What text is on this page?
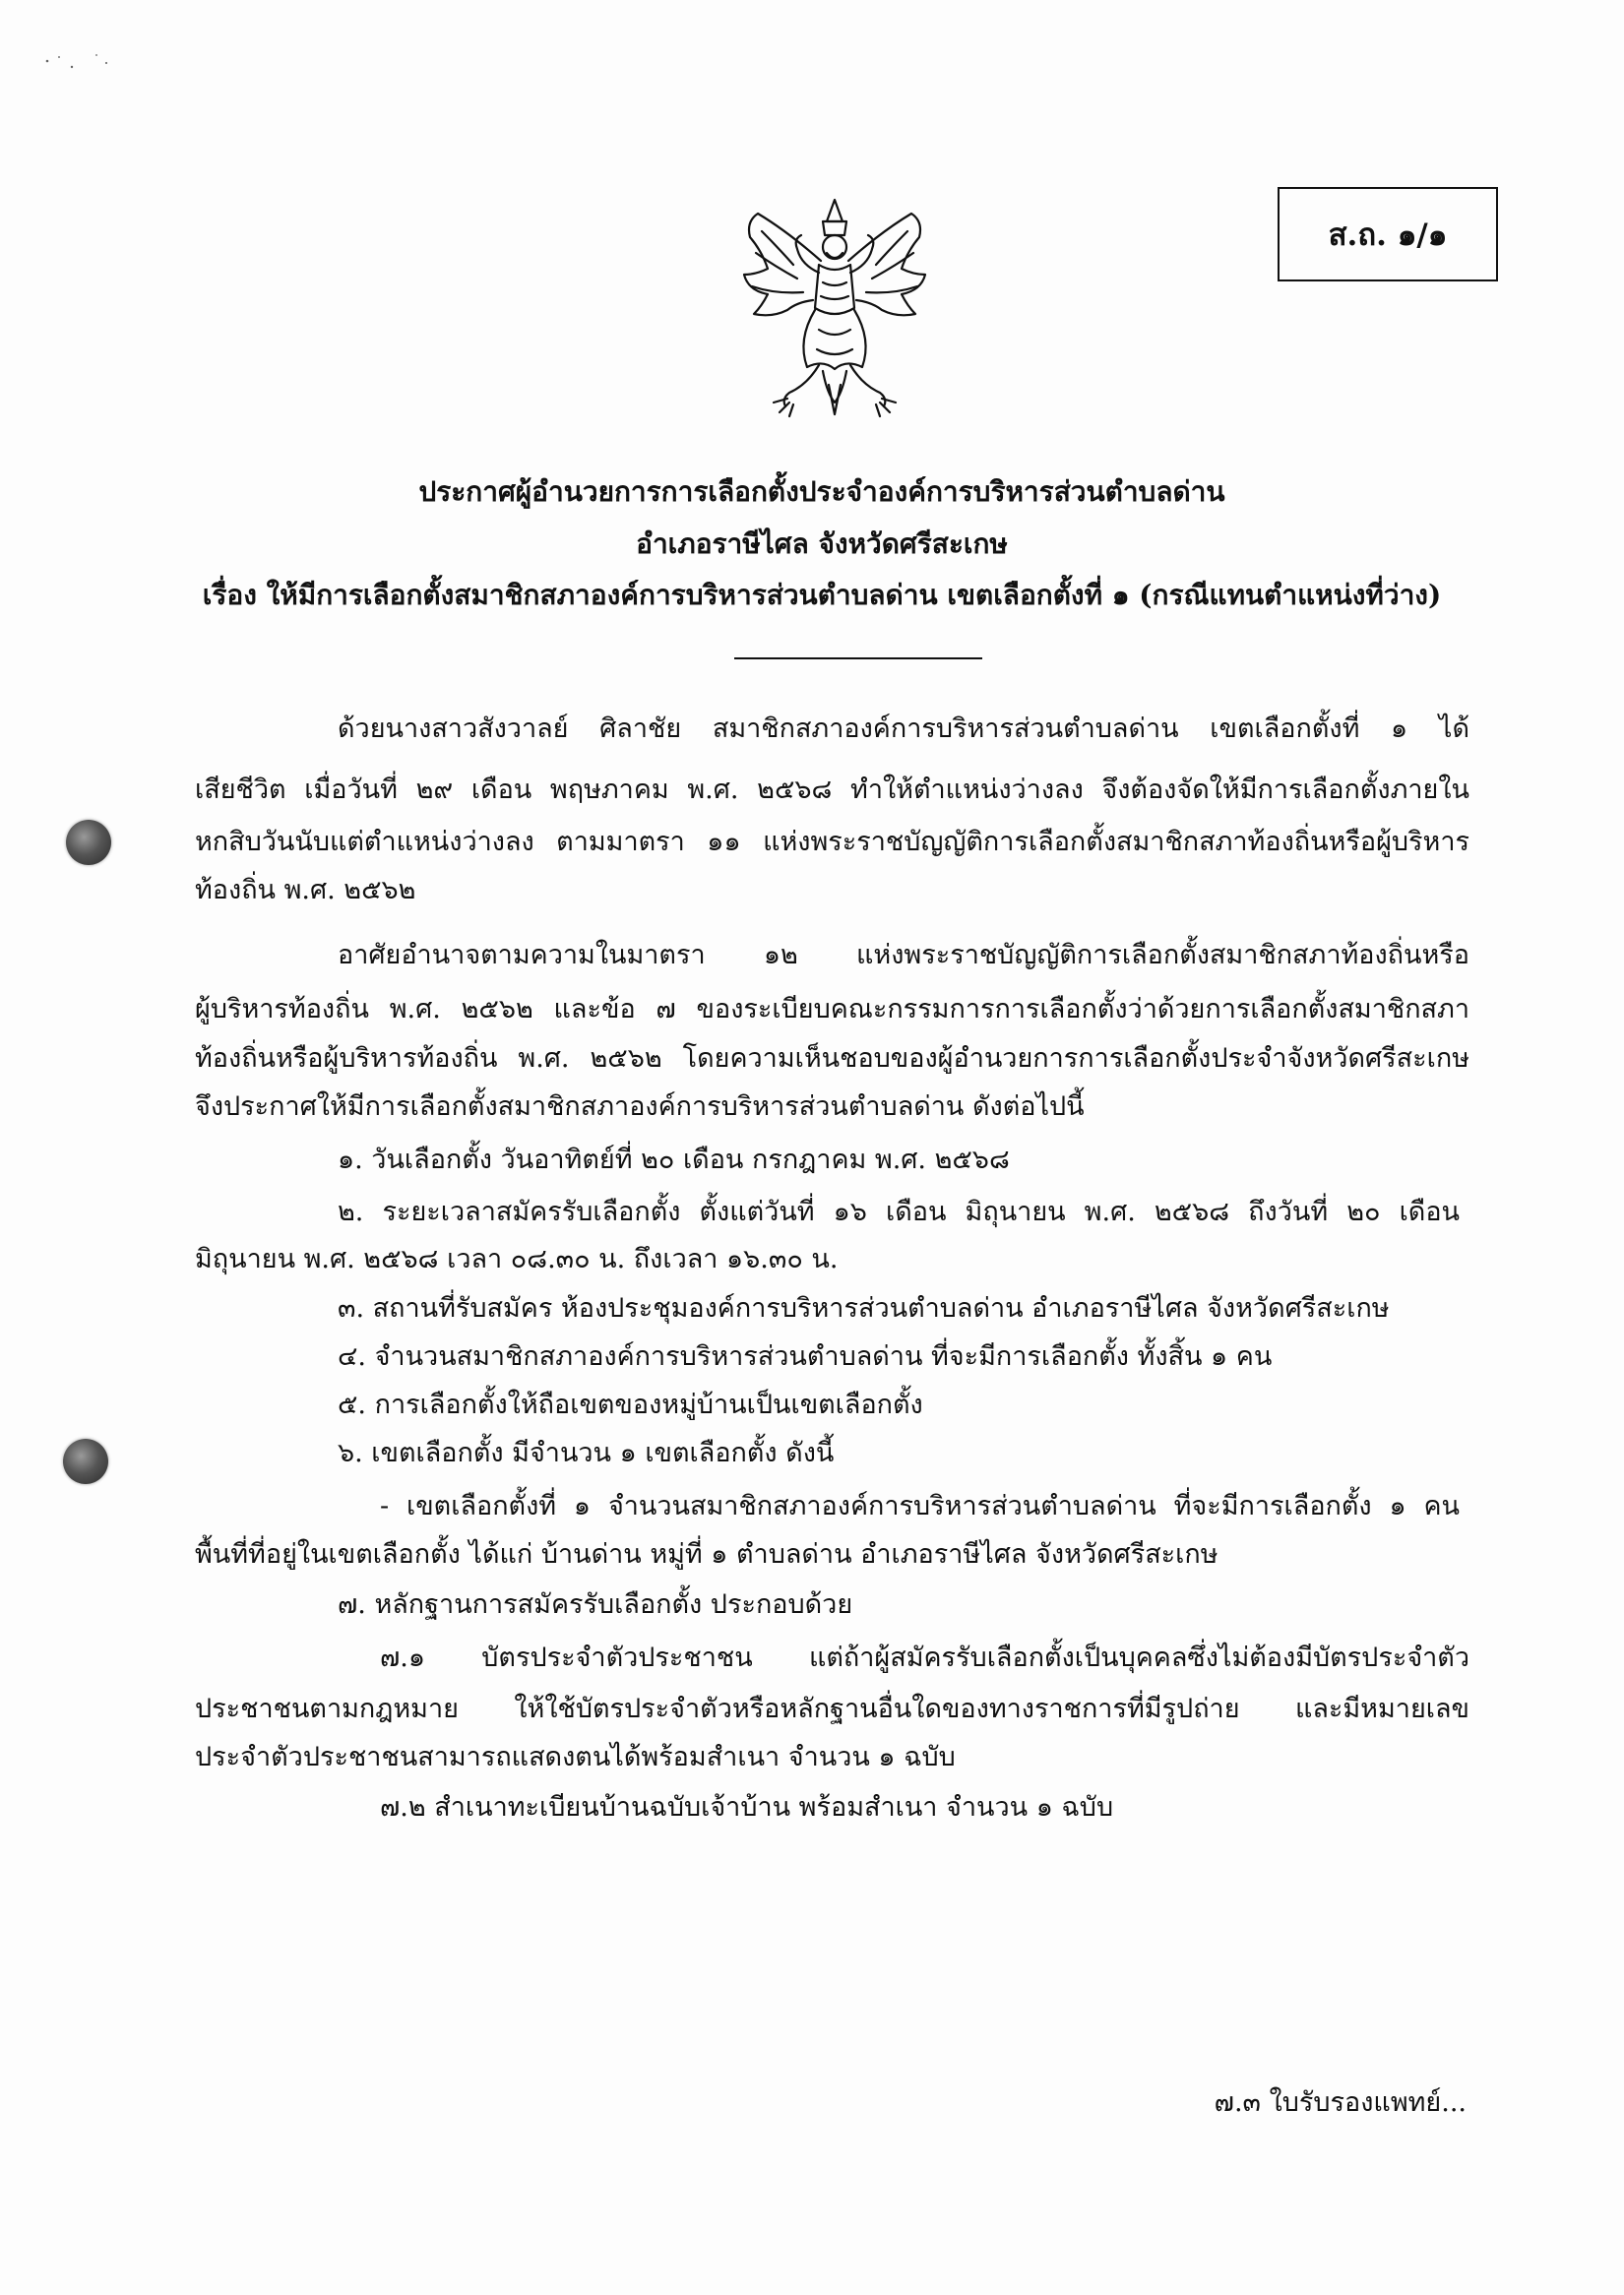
ส.ถ. ๑/๑
ประกาศผู้อำนวยการการเลือกตั้งประจำองค์การบริหารส่วนตำบลด่าน
อำเภอราษีไศล จังหวัดศรีสะเกษ
เรื่อง ให้มีการเลือกตั้งสมาชิกสภาองค์การบริหารส่วนตำบลด่าน เขตเลือกตั้งที่ ๑ (กรณีแทนตำแหน่งที่ว่าง)
ด้วยนางสาวสังวาลย์ ศิลาชัย สมาชิกสภาองค์การบริหารส่วนตำบลด่าน เขตเลือกตั้งที่ ๑ ได้
เสียชีวิต เมื่อวันที่ ๒๙ เดือน พฤษภาคม พ.ศ. ๒๕๖๘ ทำให้ตำแหน่งว่างลง จึงต้องจัดให้มีการเลือกตั้งภายใน
หกสิบวันนับแต่ตำแหน่งว่างลง ตามมาตรา ๑๑ แห่งพระราชบัญญัติการเลือกตั้งสมาชิกสภาท้องถิ่นหรือผู้บริหาร
ท้องถิ่น พ.ศ. ๒๕๖๒
อาศัยอำนาจตามความในมาตรา ๑๒ แห่งพระราชบัญญัติการเลือกตั้งสมาชิกสภาท้องถิ่นหรือ
ผู้บริหารท้องถิ่น พ.ศ. ๒๕๖๒ และข้อ ๗ ของระเบียบคณะกรรมการการเลือกตั้งว่าด้วยการเลือกตั้งสมาชิกสภา
ท้องถิ่นหรือผู้บริหารท้องถิ่น พ.ศ. ๒๕๖๒ โดยความเห็นชอบของผู้อำนวยการการเลือกตั้งประจำจังหวัดศรีสะเกษ
จึงประกาศให้มีการเลือกตั้งสมาชิกสภาองค์การบริหารส่วนตำบลด่าน ดังต่อไปนี้
๑. วันเลือกตั้ง วันอาทิตย์ที่ ๒๐ เดือน กรกฎาคม พ.ศ. ๒๕๖๘
๒. ระยะเวลาสมัครรับเลือกตั้ง ตั้งแต่วันที่ ๑๖ เดือน มิถุนายน พ.ศ. ๒๕๖๘ ถึงวันที่ ๒๐ เดือน
มิถุนายน พ.ศ. ๒๕๖๘ เวลา ๐๘.๓๐ น. ถึงเวลา ๑๖.๓๐ น.
๓. สถานที่รับสมัคร ห้องประชุมองค์การบริหารส่วนตำบลด่าน อำเภอราษีไศล จังหวัดศรีสะเกษ
๔. จำนวนสมาชิกสภาองค์การบริหารส่วนตำบลด่าน ที่จะมีการเลือกตั้ง ทั้งสิ้น ๑ คน
๕. การเลือกตั้งให้ถือเขตของหมู่บ้านเป็นเขตเลือกตั้ง
๖. เขตเลือกตั้ง มีจำนวน ๑ เขตเลือกตั้ง ดังนี้
- เขตเลือกตั้งที่ ๑ จำนวนสมาชิกสภาองค์การบริหารส่วนตำบลด่าน ที่จะมีการเลือกตั้ง ๑ คน
พื้นที่ที่อยู่ในเขตเลือกตั้ง ได้แก่ บ้านด่าน หมู่ที่ ๑ ตำบลด่าน อำเภอราษีไศล จังหวัดศรีสะเกษ
๗. หลักฐานการสมัครรับเลือกตั้ง ประกอบด้วย
๗.๑ บัตรประจำตัวประชาชน แต่ถ้าผู้สมัครรับเลือกตั้งเป็นบุคคลซึ่งไม่ต้องมีบัตรประจำตัว
ประชาชนตามกฎหมาย ให้ใช้บัตรประจำตัวหรือหลักฐานอื่นใดของทางราชการที่มีรูปถ่าย และมีหมายเลข
ประจำตัวประชาชนสามารถแสดงตนได้พร้อมสำเนา จำนวน ๑ ฉบับ
๗.๒ สำเนาทะเบียนบ้านฉบับเจ้าบ้าน พร้อมสำเนา จำนวน ๑ ฉบับ
๗.๓ ใบรับรองแพทย์...
